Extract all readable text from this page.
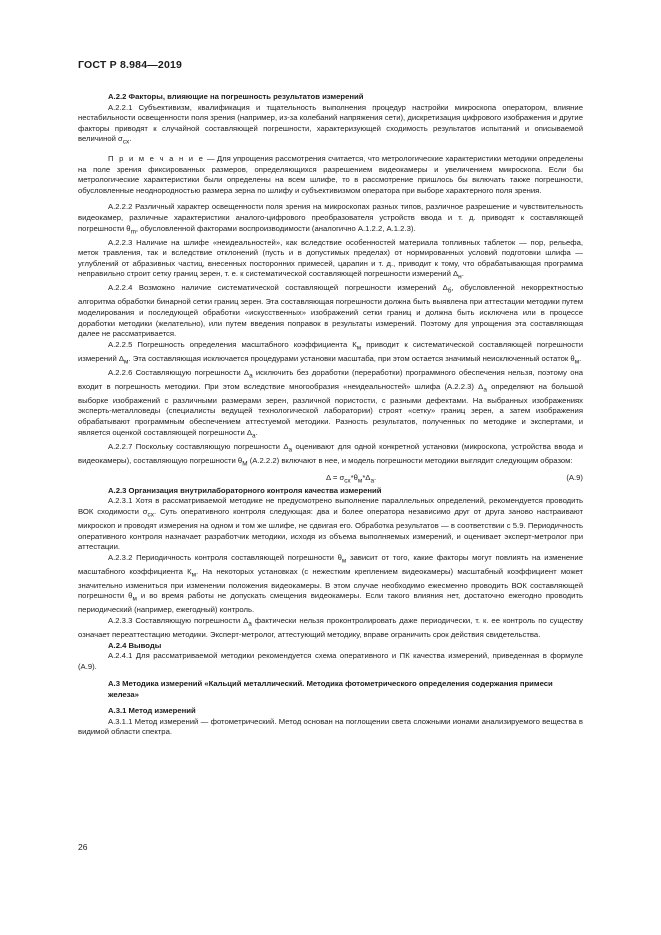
ГОСТ Р 8.984—2019
А.2.2 Факторы, влияющие на погрешность результатов измерений

А.2.2.1 Субъективизм, квалификация и тщательность выполнения процедур настройки микроскопа оператором, влияние нестабильности освещенности поля зрения (например, из-за колебаний напряжения сети), дискретизация цифрового изображения и другие факторы приводят к случайной составляющей погрешности, характеризующей сходимость результатов испытаний и описываемой величиной $\sigma_{сх}$.

П р и м е ч а н и е — Для упрощения рассмотрения считается, что метрологические характеристики методики определены на поле зрения фиксированных размеров, определяющихся разрешением видеокамеры и увеличением микроскопа. Если бы метрологические характеристики были определены на всем шлифе, то в рассмотрение пришлось бы включать также погрешности, обусловленные неоднородностью размера зерна по шлифу и субъективизмом оператора при выборе характерного поля зрения.

А.2.2.2 Различный характер освещенности поля зрения на микроскопах разных типов, различное разрешение и чувствительность видеокамер, различные характеристики аналого-цифрового преобразователя устройств ввода и т. д. приводят к составляющей погрешности $\theta_m$, обусловленной факторами воспроизводимости (аналогично А.1.2.2, А.1.2.3).

А.2.2.3 Наличие на шлифе «неидеальностей», как вследствие особенностей материала топливных таблеток — пор, рельефа, меток травления, так и вследствие отклонений (пусть и в допустимых пределах) от нормированных условий подготовки шлифа — углублений от абразивных частиц, внесенных посторонних примесей, царапин и т. д., приводит к тому, что обрабатывающая программа неправильно строит сетку границ зерен, т. е. к систематической составляющей погрешности измерений $\Delta_н$.

А.2.2.4 Возможно наличие систематической составляющей погрешности измерений $\Delta_б$, обусловленной некорректностью алгоритма обработки бинарной сетки границ зерен. Эта составляющая погрешности должна быть выявлена при аттестации методики путем моделирования и последующей обработки «искусственных» изображений сетки границ и должна быть исключена или в процессе доработки методики (желательно), или путем введения поправок в результаты измерений. Поэтому для упрощения эта составляющая далее не рассматривается.

А.2.2.5 Погрешность определения масштабного коэффициента $К_м$ приводит к систематической составляющей погрешности измерений $\Delta_м$. Эта составляющая исключается процедурами установки масштаба, при этом остается значимый неисключенный остаток $\theta_м$.

А.2.2.6 Составляющую погрешности $\Delta_а$ исключить без доработки (переработки) программного обеспечения нельзя, поэтому она входит в погрешность методики. При этом вследствие многообразия «неидеальностей» шлифа (А.2.2.3) $\Delta_а$ определяют на большой выборке изображений с различными размерами зерен, различной пористости, с разными дефектами. На выбранных изображениях эксперть-металловеды (специалисты ведущей технологической лаборатории) строят «сетку» границ зерен, а затем изображения обрабатывают программным обеспечением аттестуемой методики. Разность результатов, полученных по методике и экспертами, и является оценкой составляющей погрешности $\Delta_а$.

А.2.2.7 Поскольку составляющую погрешности $\Delta_а$ оценивают для одной конкретной установки (микроскопа, устройства ввода и видеокамеры), составляющую погрешности $\theta_М$ (А.2.2.2) включают в нее, и модель погрешности методики выглядит следующим образом:

$\Delta = \sigma_{сх}*\theta_м*\Delta_а$.	(А.9)
А.2.3 Организация внутрилабораторного контроля качества измерений

А.2.3.1 Хотя в рассматриваемой методике не предусмотрено выполнение параллельных определений, рекомендуется проводить ВОК сходимости $\sigma_{сх}$. Суть оперативного контроля следующая: два и более оператора независимо друг от друга заново настраивают микроскоп и проводят измерения на одном и том же шлифе, не сдвигая его. Обработка результатов — в соответствии с 5.9. Периодичность оперативного контроля назначает разработчик методики, исходя из объема выполняемых измерений, и оценивает эксперт-метролог при аттестации.

А.2.3.2 Периодичность контроля составляющей погрешности $\theta_м$ зависит от того, какие факторы могут повлиять на изменение масштабного коэффициента $К_м$. На некоторых установках (с нежестким креплением видеокамеры) масштабный коэффициент может значительно измениться при изменении положения видеокамеры. В этом случае необходимо ежесменно проводить ВОК составляющей погрешности $\theta_м$ и во время работы не допускать смещения видеокамеры. Если такого влияния нет, достаточно ежегодно проводить периодический (например, ежегодный) контроль.

А.2.3.3 Составляющую погрешности $\Delta_а$ фактически нельзя проконтролировать даже периодически, т. к. ее контроль по существу означает переаттестацию методики. Эксперт-метролог, аттестующий методику, вправе ограничить срок действия свидетельства.

А.2.4 Выводы

А.2.4.1 Для рассматриваемой методики рекомендуется схема оперативного и ПК качества измерений, приведенная в формуле (А.9).

А.3 Методика измерений «Кальций металлический. Методика фотометрического определения содержания примеси железа»
А.3.1 Метод измерений

А.3.1.1 Метод измерений — фотометрический. Метод основан на поглощении света сложными ионами анализируемого вещества в видимой области спектра.

26
